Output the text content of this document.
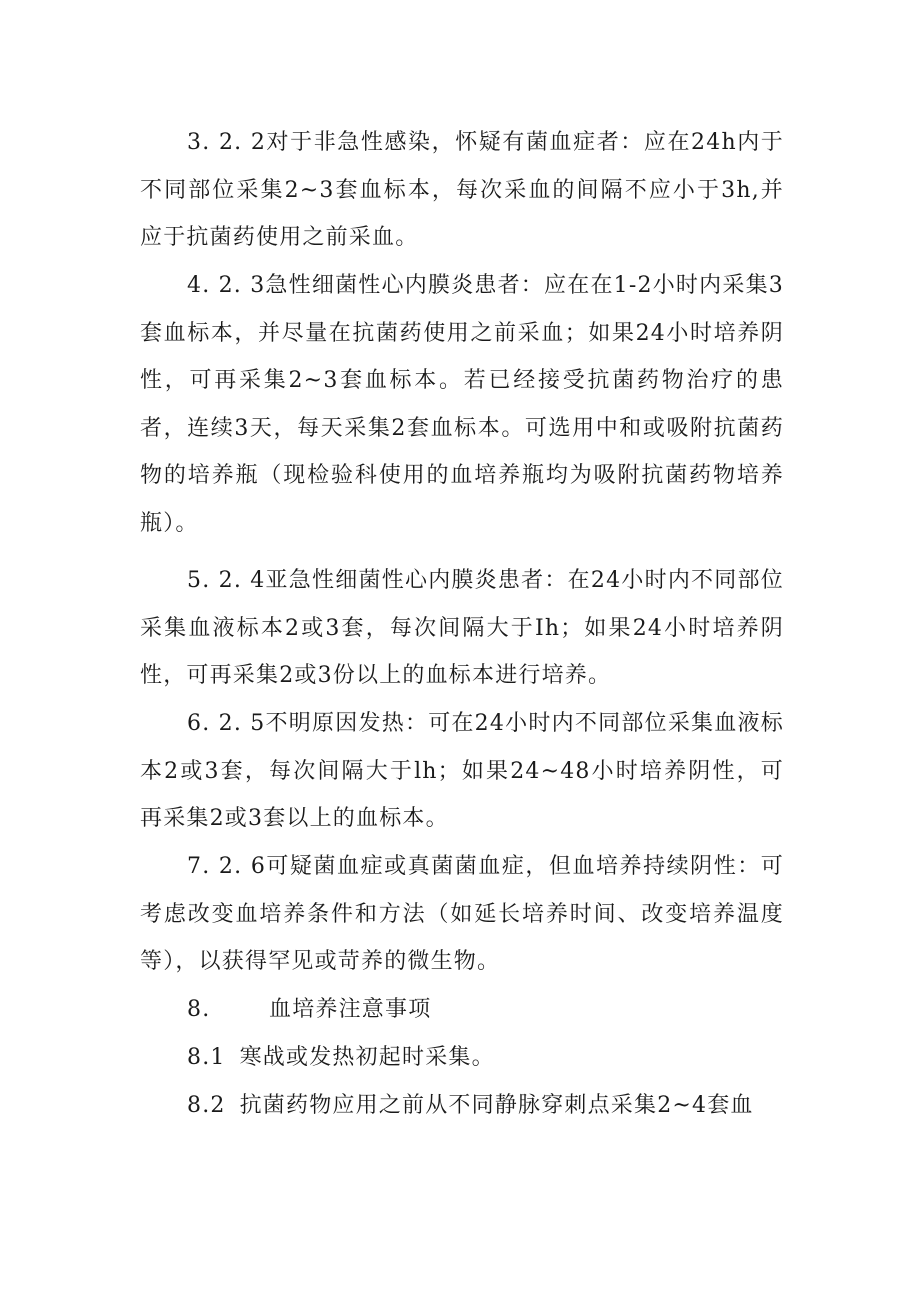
3. 2. 2对于非急性感染，怀疑有菌血症者：应在24h内于不同部位采集2~3套血标本，每次采血的间隔不应小于3h,并应于抗菌药使用之前采血。

4. 2. 3急性细菌性心内膜炎患者：应在在1-2小时内采集3套血标本，并尽量在抗菌药使用之前采血；如果24小时培养阴性，可再采集2~3套血标本。若已经接受抗菌药物治疗的患者，连续3天，每天采集2套血标本。可选用中和或吸附抗菌药物的培养瓶（现检验科使用的血培养瓶均为吸附抗菌药物培养瓶）。

5. 2. 4亚急性细菌性心内膜炎患者：在24小时内不同部位采集血液标本2或3套，每次间隔大于Ih；如果24小时培养阴性，可再采集2或3份以上的血标本进行培养。

6. 2. 5不明原因发热：可在24小时内不同部位采集血液标本2或3套，每次间隔大于lh；如果24~48小时培养阴性，可再采集2或3套以上的血标本。

7. 2. 6可疑菌血症或真菌菌血症，但血培养持续阴性：可考虑改变血培养条件和方法（如延长培养时间、改变培养温度等），以获得罕见或苛养的微生物。

8.	血培养注意事项

8.1 寒战或发热初起时采集。

8.2 抗菌药物应用之前从不同静脉穿刺点采集2~4套血
